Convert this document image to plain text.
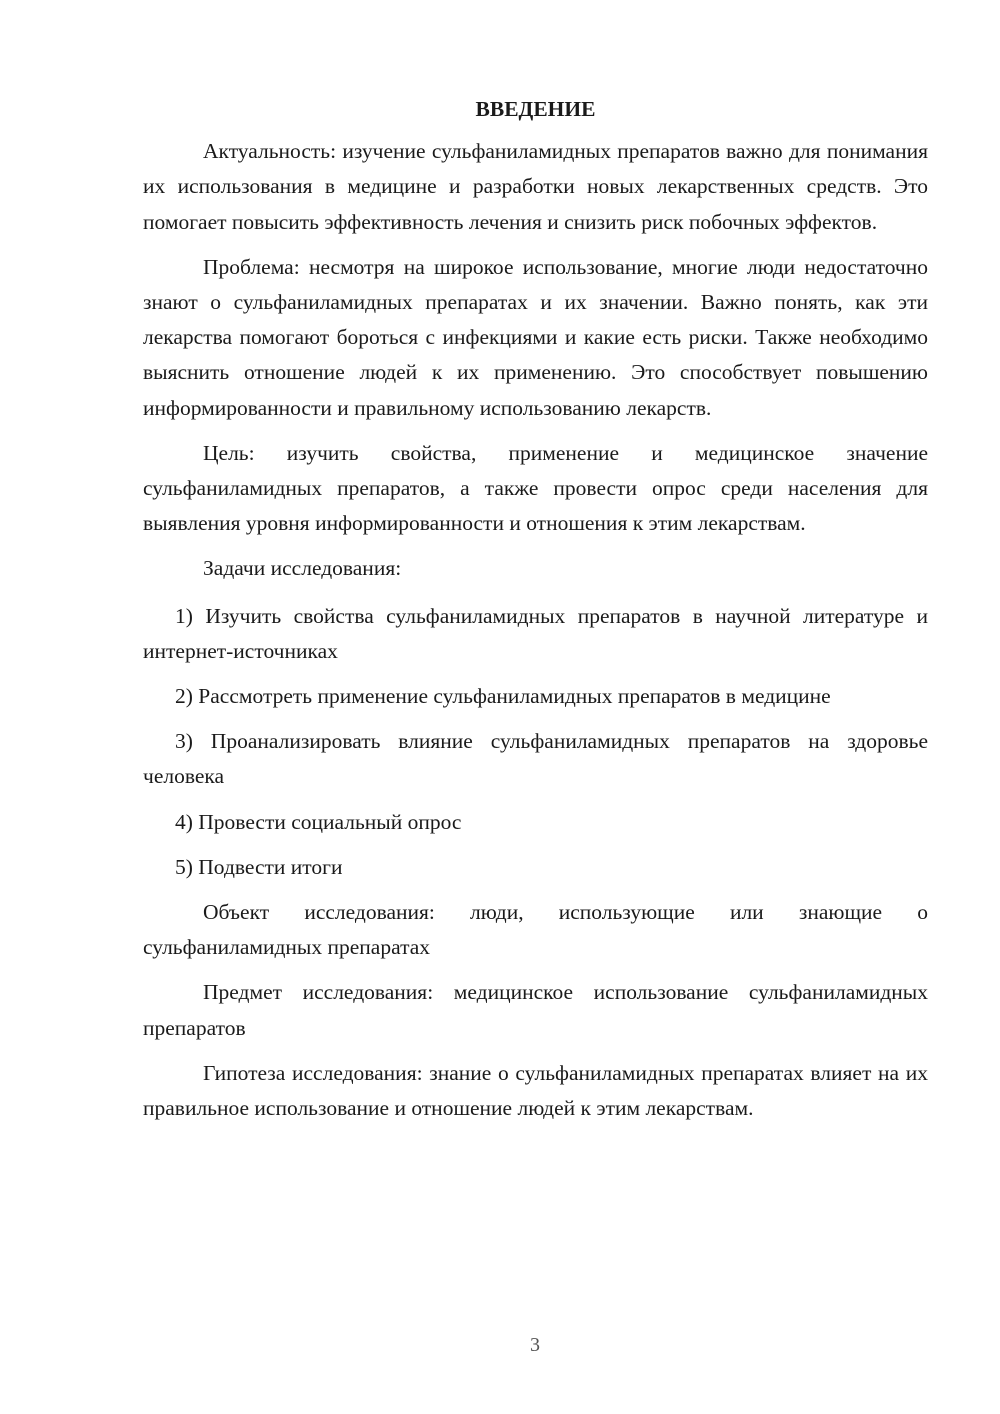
ВВЕДЕНИЕ

Актуальность: изучение сульфаниламидных препаратов важно для понимания их использования в медицине и разработки новых лекарственных средств. Это помогает повысить эффективность лечения и снизить риск побочных эффектов.

Проблема: несмотря на широкое использование, многие люди недостаточно знают о сульфаниламидных препаратах и их значении. Важно понять, как эти лекарства помогают бороться с инфекциями и какие есть риски. Также необходимо выяснить отношение людей к их применению. Это способствует повышению информированности и правильному использованию лекарств.

Цель: изучить свойства, применение и медицинское значение сульфаниламидных препаратов, а также провести опрос среди населения для выявления уровня информированности и отношения к этим лекарствам.

Задачи исследования:

1) Изучить свойства сульфаниламидных препаратов в научной литературе и интернет-источниках

2) Рассмотреть применение сульфаниламидных препаратов в медицине

3) Проанализировать влияние сульфаниламидных препаратов на здоровье человека

4) Провести социальный опрос

5) Подвести итоги

Объект исследования: люди, использующие или знающие о сульфаниламидных препаратах

Предмет исследования: медицинское использование сульфаниламидных препаратов

Гипотеза исследования: знание о сульфаниламидных препаратах влияет на их правильное использование и отношение людей к этим лекарствам.

3
